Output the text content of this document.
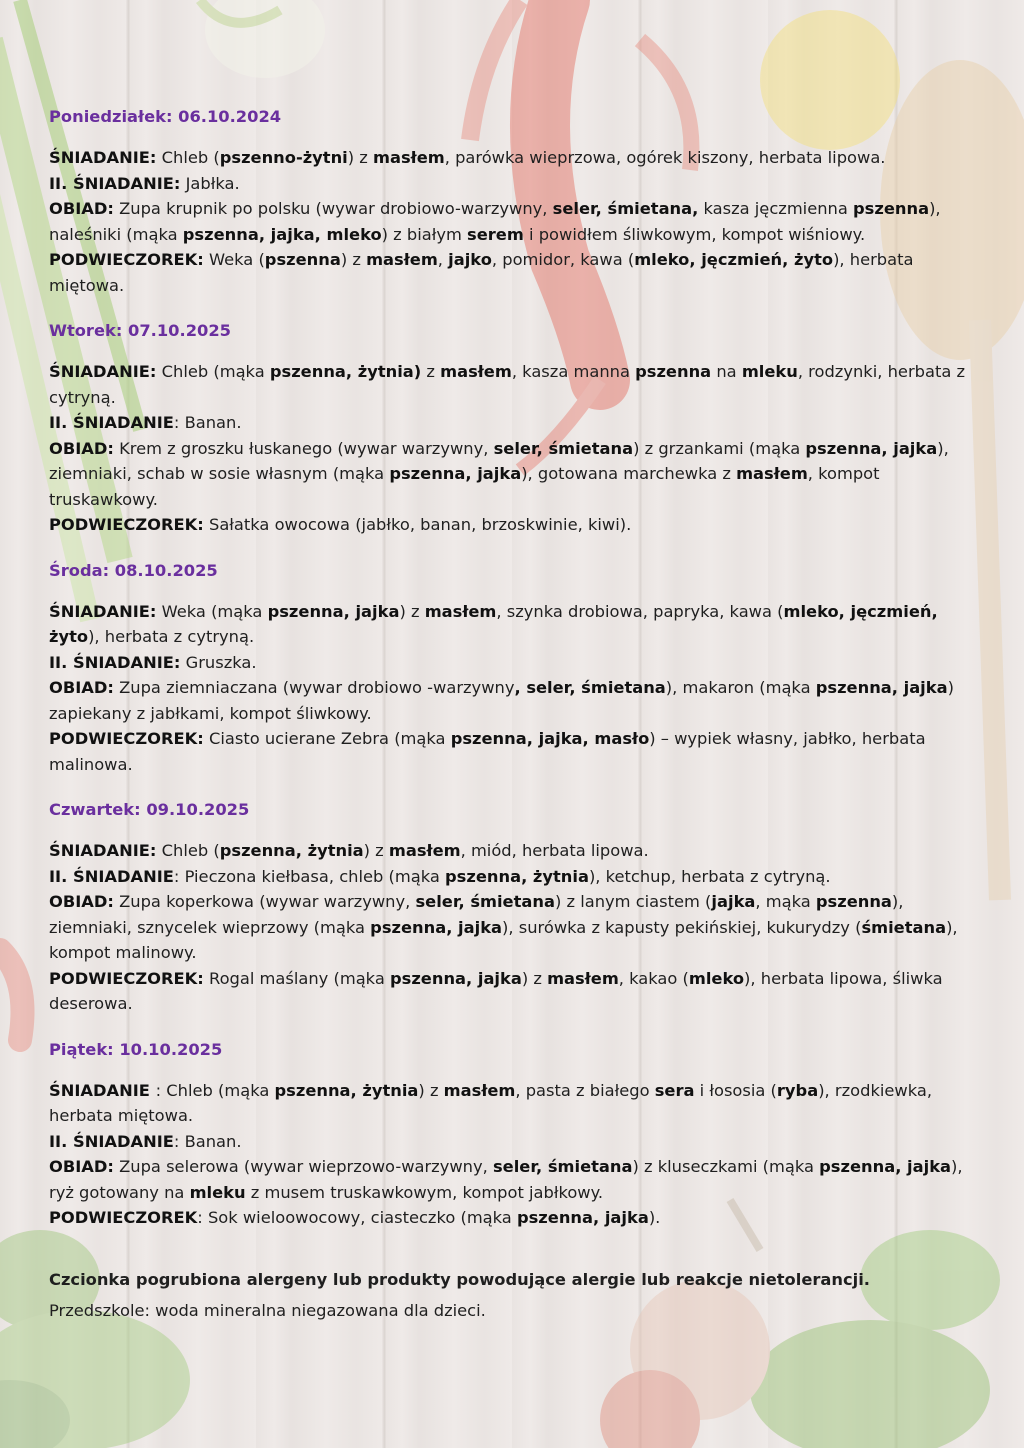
Poniedziałek: 06.10.2024

ŚNIADANIE: Chleb (pszenno-żytni) z masłem, parówka wieprzowa, ogórek kiszony, herbata lipowa.

II. ŚNIADANIE: Jabłka.

OBIAD: Zupa krupnik po polsku (wywar drobiowo-warzywny, seler, śmietana, kasza jęczmienna pszenna), naleśniki (mąka pszenna, jajka, mleko) z białym serem i powidłem śliwkowym, kompot wiśniowy.

PODWIECZOREK: Weka (pszenna) z masłem, jajko, pomidor, kawa (mleko, jęczmień, żyto), herbata miętowa.

Wtorek: 07.10.2025

ŚNIADANIE: Chleb (mąka pszenna, żytnia) z masłem, kasza manna pszenna na mleku, rodzynki, herbata z cytryną.

II. ŚNIADANIE: Banan.

OBIAD: Krem z groszku łuskanego (wywar warzywny, seler, śmietana) z grzankami (mąka pszenna, jajka), ziemniaki, schab w sosie własnym (mąka pszenna, jajka), gotowana marchewka z masłem, kompot truskawkowy.

PODWIECZOREK: Sałatka owocowa (jabłko, banan, brzoskwinie, kiwi).

Środa: 08.10.2025

ŚNIADANIE: Weka (mąka pszenna, jajka) z masłem, szynka drobiowa, papryka, kawa (mleko, jęczmień, żyto), herbata z cytryną.

II. ŚNIADANIE: Gruszka.

OBIAD: Zupa ziemniaczana (wywar drobiowo -warzywny, seler, śmietana), makaron (mąka pszenna, jajka) zapiekany z jabłkami, kompot śliwkowy.

PODWIECZOREK: Ciasto ucierane Zebra (mąka pszenna, jajka, masło) – wypiek własny, jabłko, herbata malinowa.

Czwartek: 09.10.2025

ŚNIADANIE: Chleb (pszenna, żytnia) z masłem, miód, herbata lipowa.

II. ŚNIADANIE: Pieczona kiełbasa, chleb (mąka pszenna, żytnia), ketchup, herbata z cytryną.

OBIAD: Zupa koperkowa (wywar warzywny, seler, śmietana) z lanym ciastem (jajka, mąka pszenna), ziemniaki, sznycelek wieprzowy (mąka pszenna, jajka), surówka z kapusty pekińskiej, kukurydzy (śmietana), kompot malinowy.

PODWIECZOREK: Rogal maślany (mąka pszenna, jajka) z masłem, kakao (mleko), herbata lipowa, śliwka deserowa.

Piątek: 10.10.2025

ŚNIADANIE : Chleb (mąka pszenna, żytnia) z masłem, pasta z białego sera i łososia (ryba), rzodkiewka, herbata miętowa.

II. ŚNIADANIE: Banan.

OBIAD: Zupa selerowa (wywar wieprzowo-warzywny, seler, śmietana) z kluseczkami (mąka pszenna, jajka), ryż gotowany na mleku z musem truskawkowym, kompot jabłkowy.

PODWIECZOREK: Sok wieloowocowy, ciasteczko (mąka pszenna, jajka).

Czcionka pogrubiona alergeny lub produkty powodujące alergie lub reakcje nietolerancji.
Przedszkole: woda mineralna niegazowana dla dzieci.
